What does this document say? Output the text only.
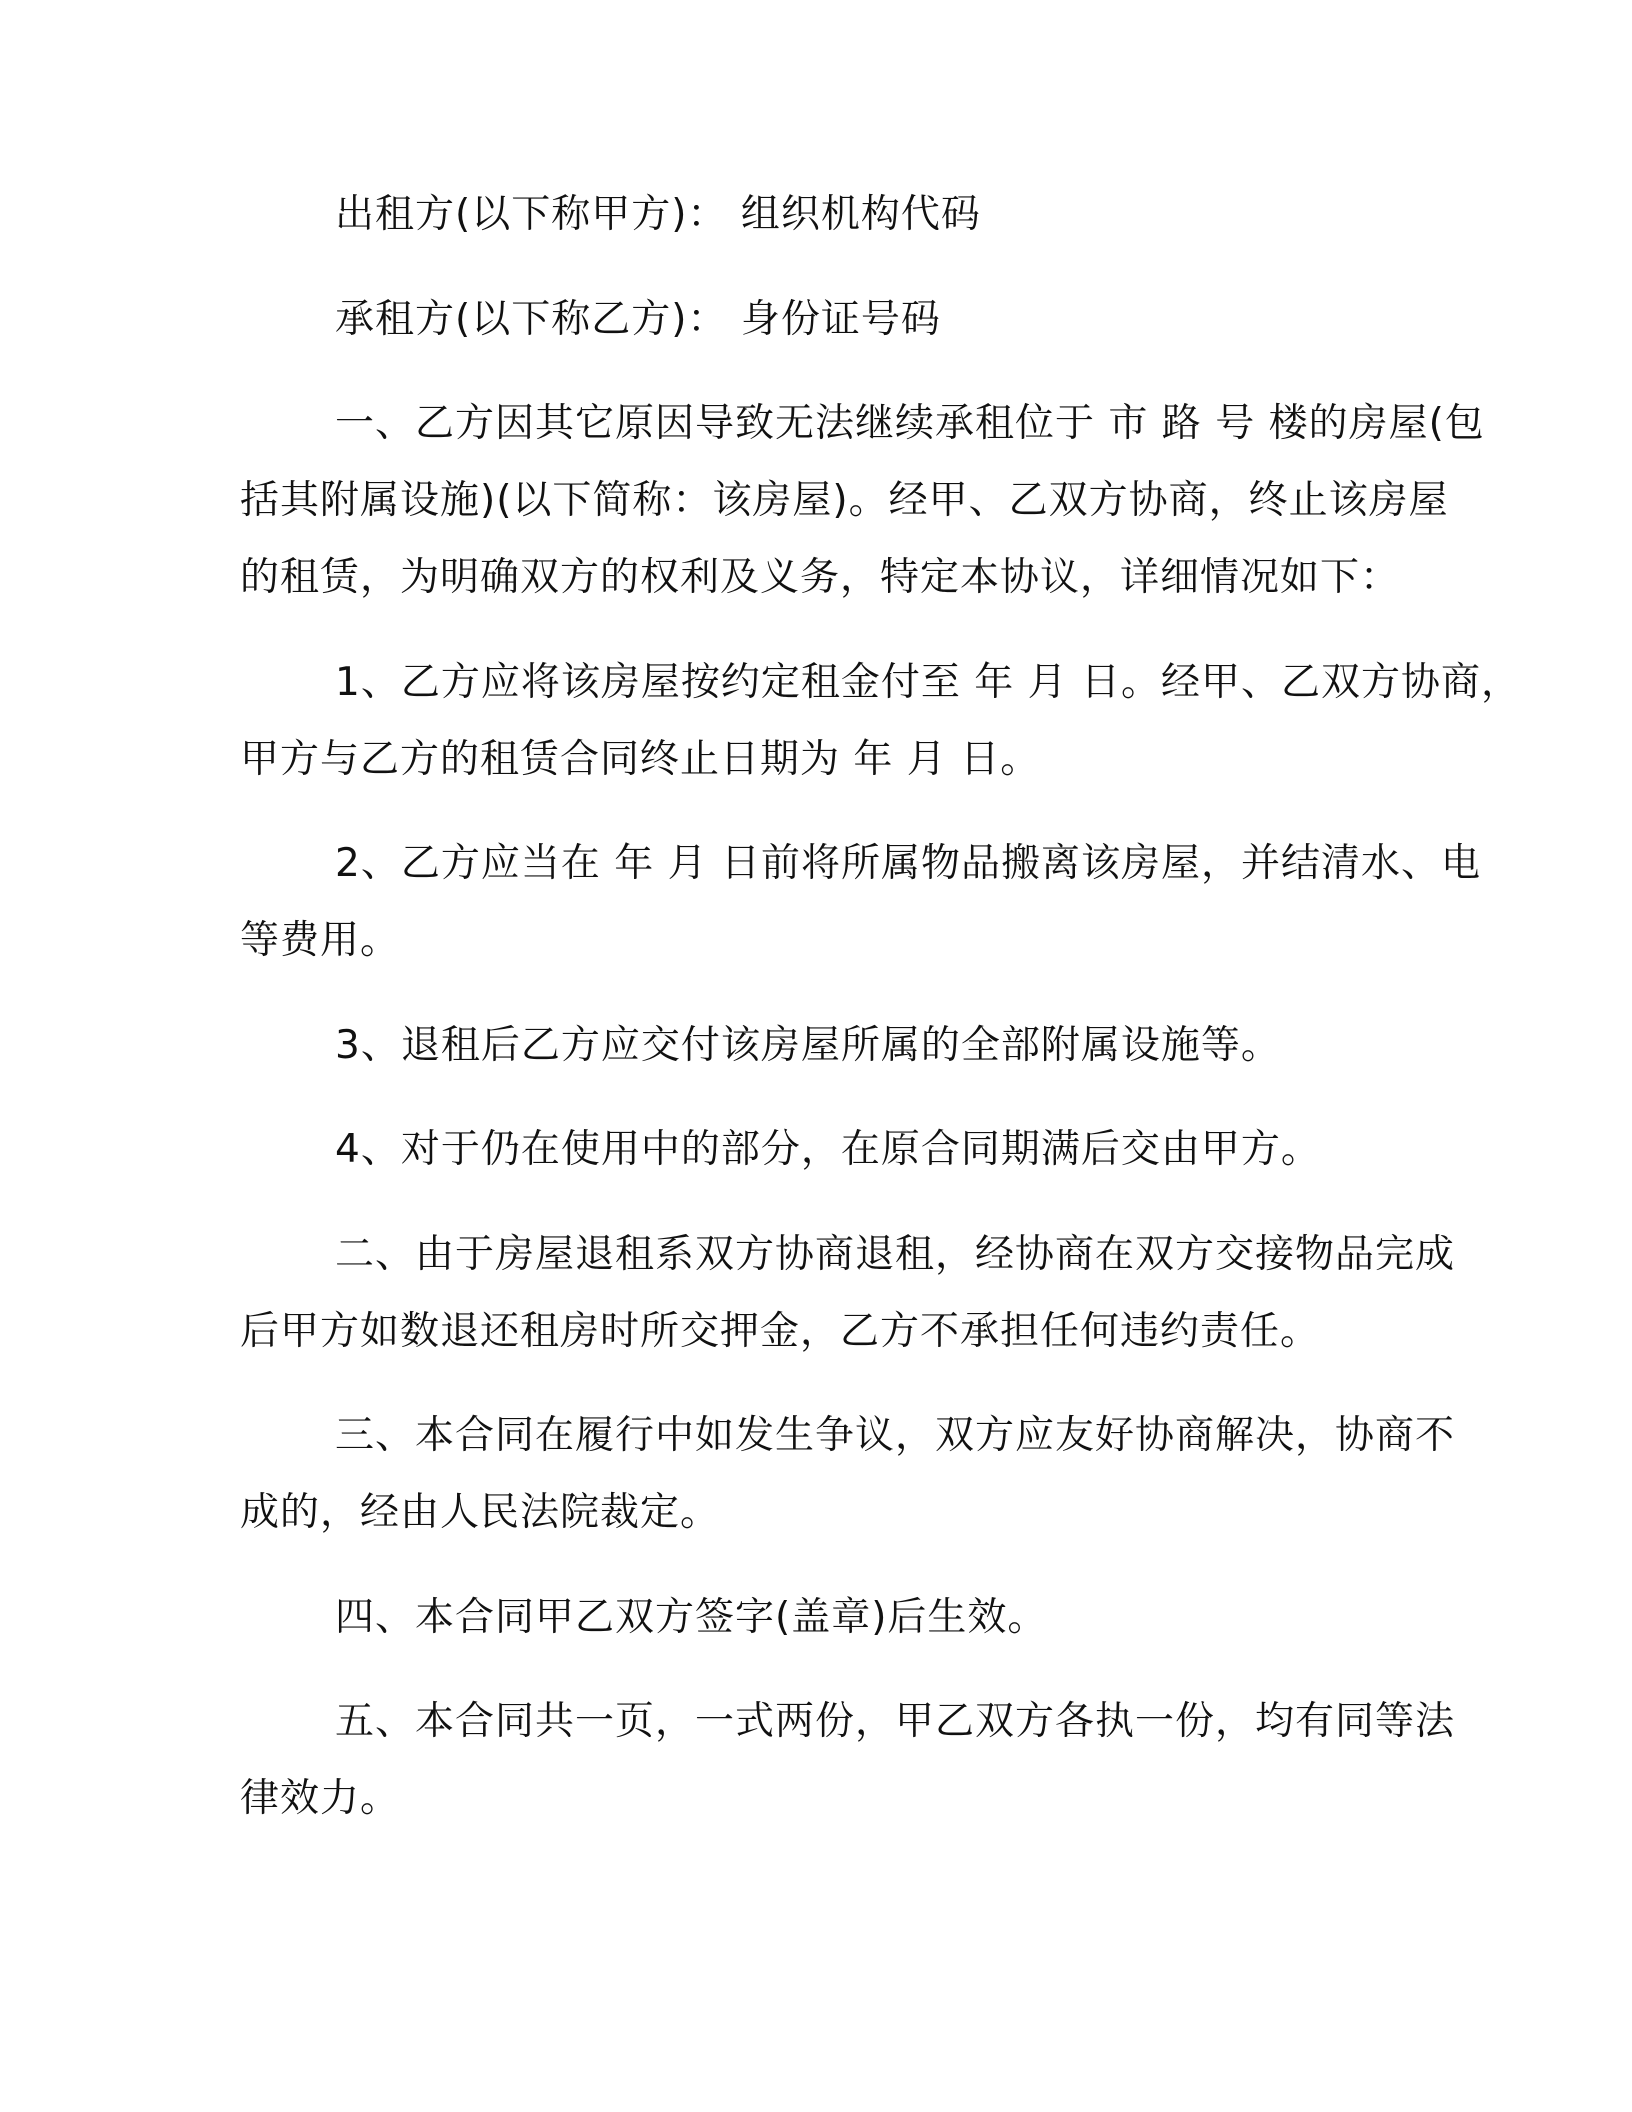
出租方(以下称甲方)： 组织机构代码

承租方(以下称乙方)： 身份证号码

一、乙方因其它原因导致无法继续承租位于 市 路 号 楼的房屋(包

括其附属设施)(以下简称：该房屋)。经甲、乙双方协商，终止该房屋

的租赁，为明确双方的权利及义务，特定本协议，详细情况如下：

1、乙方应将该房屋按约定租金付至 年 月 日。经甲、乙双方协商，

甲方与乙方的租赁合同终止日期为 年 月 日。

2、乙方应当在 年 月 日前将所属物品搬离该房屋，并结清水、电

等费用。

3、退租后乙方应交付该房屋所属的全部附属设施等。

4、对于仍在使用中的部分，在原合同期满后交由甲方。

二、由于房屋退租系双方协商退租，经协商在双方交接物品完成

后甲方如数退还租房时所交押金，乙方不承担任何违约责任。

三、本合同在履行中如发生争议，双方应友好协商解决，协商不

成的，经由人民法院裁定。

四、本合同甲乙双方签字(盖章)后生效。

五、本合同共一页，一式两份，甲乙双方各执一份，均有同等法

律效力。
